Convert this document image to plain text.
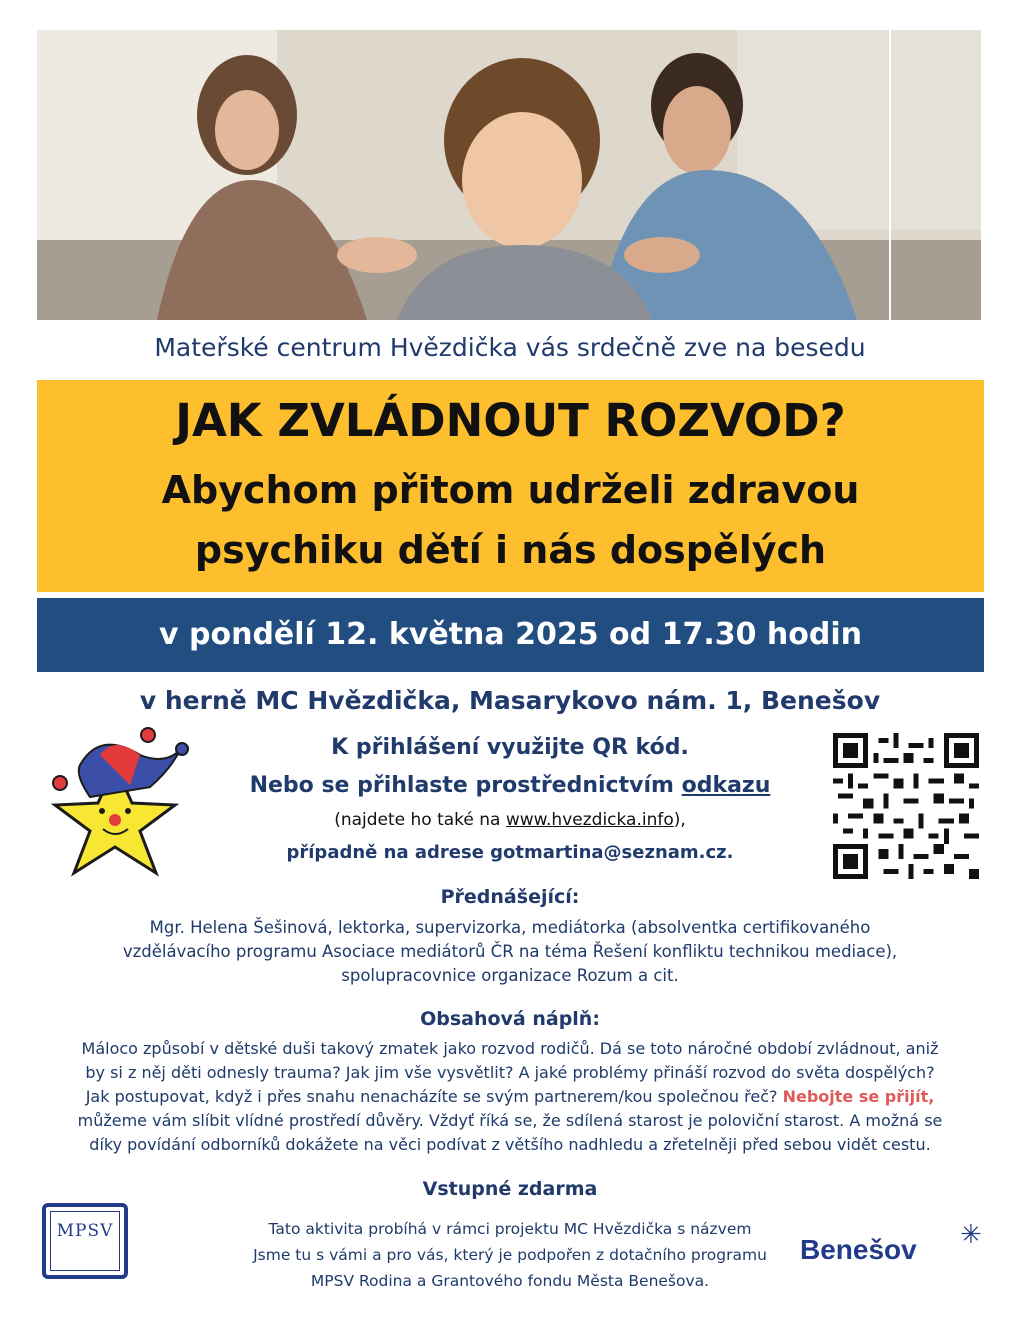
Mateřské centrum Hvězdička vás srdečně zve na besedu
JAK ZVLÁDNOUT ROZVOD?
Abychom přitom udrželi zdravou
psychiku dětí i nás dospělých
v pondělí 12. května 2025 od 17.30 hodin
v herně MC Hvězdička, Masarykovo nám. 1, Benešov
K přihlášení využijte QR kód.
Nebo se přihlaste prostřednictvím odkazu
(najdete ho také na www.hvezdicka.info),
případně na adrese gotmartina@seznam.cz.
Přednášející:
Mgr. Helena Šešinová, lektorka, supervizorka, mediátorka (absolventka certifikovaného
vzdělávacího programu Asociace mediátorů ČR na téma Řešení konfliktu technikou mediace),
spolupracovnice organizace Rozum a cit.
Obsahová náplň:
Máloco způsobí v dětské duši takový zmatek jako rozvod rodičů. Dá se toto náročné období zvládnout, aniž
by si z něj děti odnesly trauma? Jak jim vše vysvětlit? A jaké problémy přináší rozvod do světa dospělých?
Jak postupovat, když i přes snahu nenacházíte se svým partnerem/kou společnou řeč? Nebojte se přijít,
můžeme vám slíbit vlídné prostředí důvěry. Vždyť říká se, že sdílená starost je poloviční starost. A možná se
díky povídání odborníků dokážete na věci podívat z většího nadhledu a zřetelněji před sebou vidět cestu.
Vstupné zdarma
MPSV	Tato aktivita probíhá v rámci projektu MC Hvězdička s názvem
Jsme tu s vámi a pro vás, který je podpořen z dotačního programu
MPSV Rodina a Grantového fondu Města Benešova.
Benešov ✳
